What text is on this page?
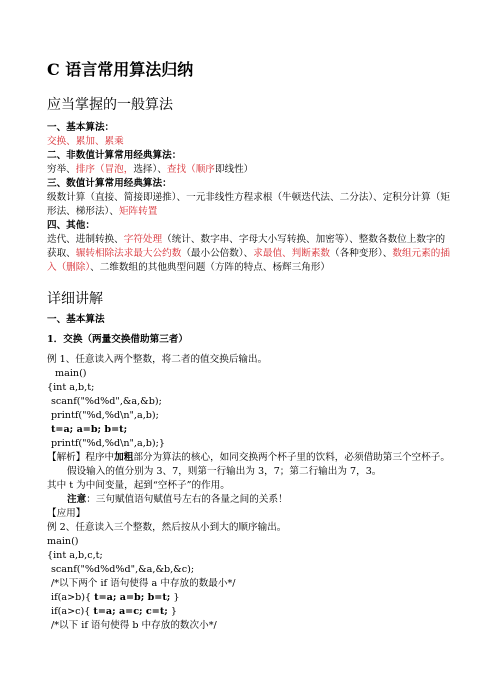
C 语言常用算法归纳
应当掌握的一般算法
一、基本算法：
交换、累加、累乘
二、非数值计算常用经典算法：
穷举、排序（冒泡，选择）、查找（顺序即线性）
三、数值计算常用经典算法：
级数计算（直接、简接即递推）、一元非线性方程求根（牛顿迭代法、二分法）、定积分计算（矩形法、梯形法）、矩阵转置
四、其他：
迭代、进制转换、字符处理（统计、数字串、字母大小写转换、加密等）、整数各数位上数字的获取、辗转相除法求最大公约数（最小公倍数）、求最值、判断素数（各种变形）、数组元素的插入（删除）、二维数组的其他典型问题（方阵的特点、杨辉三角形）
详细讲解
一、基本算法
1．交换（两量交换借助第三者）
例 1、任意读入两个整数，将二者的值交换后输出。
main()
{int a,b,t;
scanf("%d%d",&a,&b);
printf("%d,%d\n",a,b);
t=a; a=b; b=t;
printf("%d,%d\n",a,b);}
【解析】程序中加粗部分为算法的核心，如同交换两个杯子里的饮料，必须借助第三个空杯子。
假设输入的值分别为 3、7，则第一行输出为 3，7；第二行输出为 7，3。
其中 t 为中间变量，起到“空杯子”的作用。
注意：三句赋值语句赋值号左右的各量之间的关系！
【应用】
例 2、任意读入三个整数，然后按从小到大的顺序输出。
main()
{int a,b,c,t;
scanf("%d%d%d",&a,&b,&c);
/*以下两个 if 语句使得 a 中存放的数最小*/
if(a>b){ t=a; a=b; b=t; }
if(a>c){ t=a; a=c; c=t; }
/*以下 if 语句使得 b 中存放的数次小*/
